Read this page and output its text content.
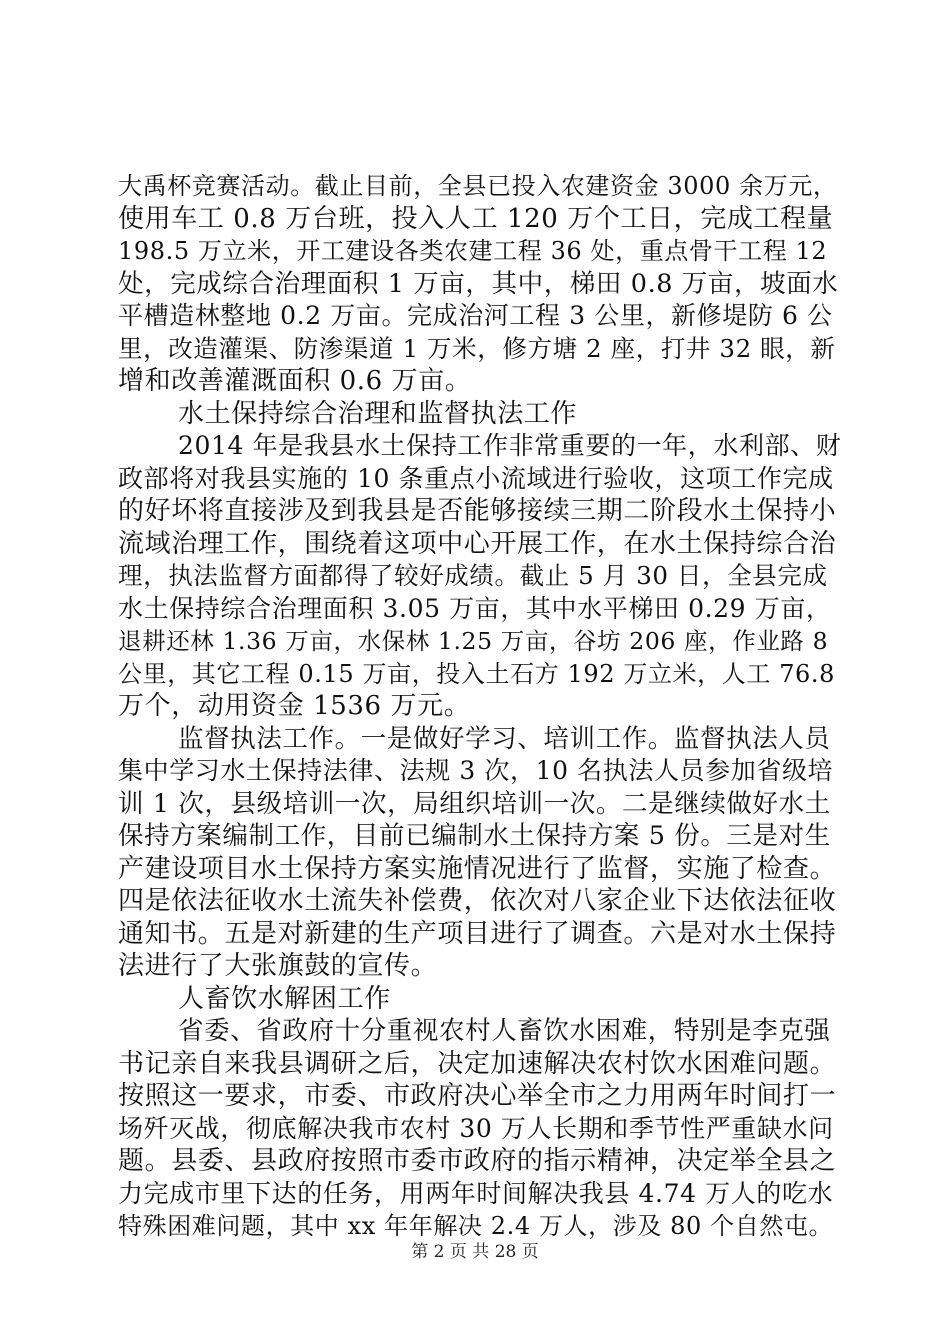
大禹杯竞赛活动。截止目前，全县已投入农建资金 3000 余万元，
使用车工 0.8 万台班，投入人工 120 万个工日，完成工程量
198.5 万立米，开工建设各类农建工程 36 处，重点骨干工程 12
处，完成综合治理面积 1 万亩，其中，梯田 0.8 万亩，坡面水
平槽造林整地 0.2 万亩。完成治河工程 3 公里，新修堤防 6 公
里，改造灌渠、防渗渠道 1 万米，修方塘 2 座，打井 32 眼，新
增和改善灌溉面积 0.6 万亩。
水土保持综合治理和监督执法工作
2014 年是我县水土保持工作非常重要的一年，水利部、财
政部将对我县实施的 10 条重点小流域进行验收，这项工作完成
的好坏将直接涉及到我县是否能够接续三期二阶段水土保持小
流域治理工作，围绕着这项中心开展工作，在水土保持综合治
理，执法监督方面都得了较好成绩。截止 5 月 30 日，全县完成
水土保持综合治理面积 3.05 万亩，其中水平梯田 0.29 万亩，
退耕还林 1.36 万亩，水保林 1.25 万亩，谷坊 206 座，作业路 8
公里，其它工程 0.15 万亩，投入土石方 192 万立米，人工 76.8
万个，动用资金 1536 万元。
监督执法工作。一是做好学习、培训工作。监督执法人员
集中学习水土保持法律、法规 3 次，10 名执法人员参加省级培
训 1 次，县级培训一次，局组织培训一次。二是继续做好水土
保持方案编制工作，目前已编制水土保持方案 5 份。三是对生
产建设项目水土保持方案实施情况进行了监督，实施了检查。
四是依法征收水土流失补偿费，依次对八家企业下达依法征收
通知书。五是对新建的生产项目进行了调查。六是对水土保持
法进行了大张旗鼓的宣传。
人畜饮水解困工作
省委、省政府十分重视农村人畜饮水困难，特别是李克强
书记亲自来我县调研之后，决定加速解决农村饮水困难问题。
按照这一要求，市委、市政府决心举全市之力用两年时间打一
场歼灭战，彻底解决我市农村 30 万人长期和季节性严重缺水问
题。县委、县政府按照市委市政府的指示精神，决定举全县之
力完成市里下达的任务，用两年时间解决我县 4.74 万人的吃水
特殊困难问题，其中 xx 年年解决 2.4 万人，涉及 80 个自然屯。
第 2 页 共 28 页
